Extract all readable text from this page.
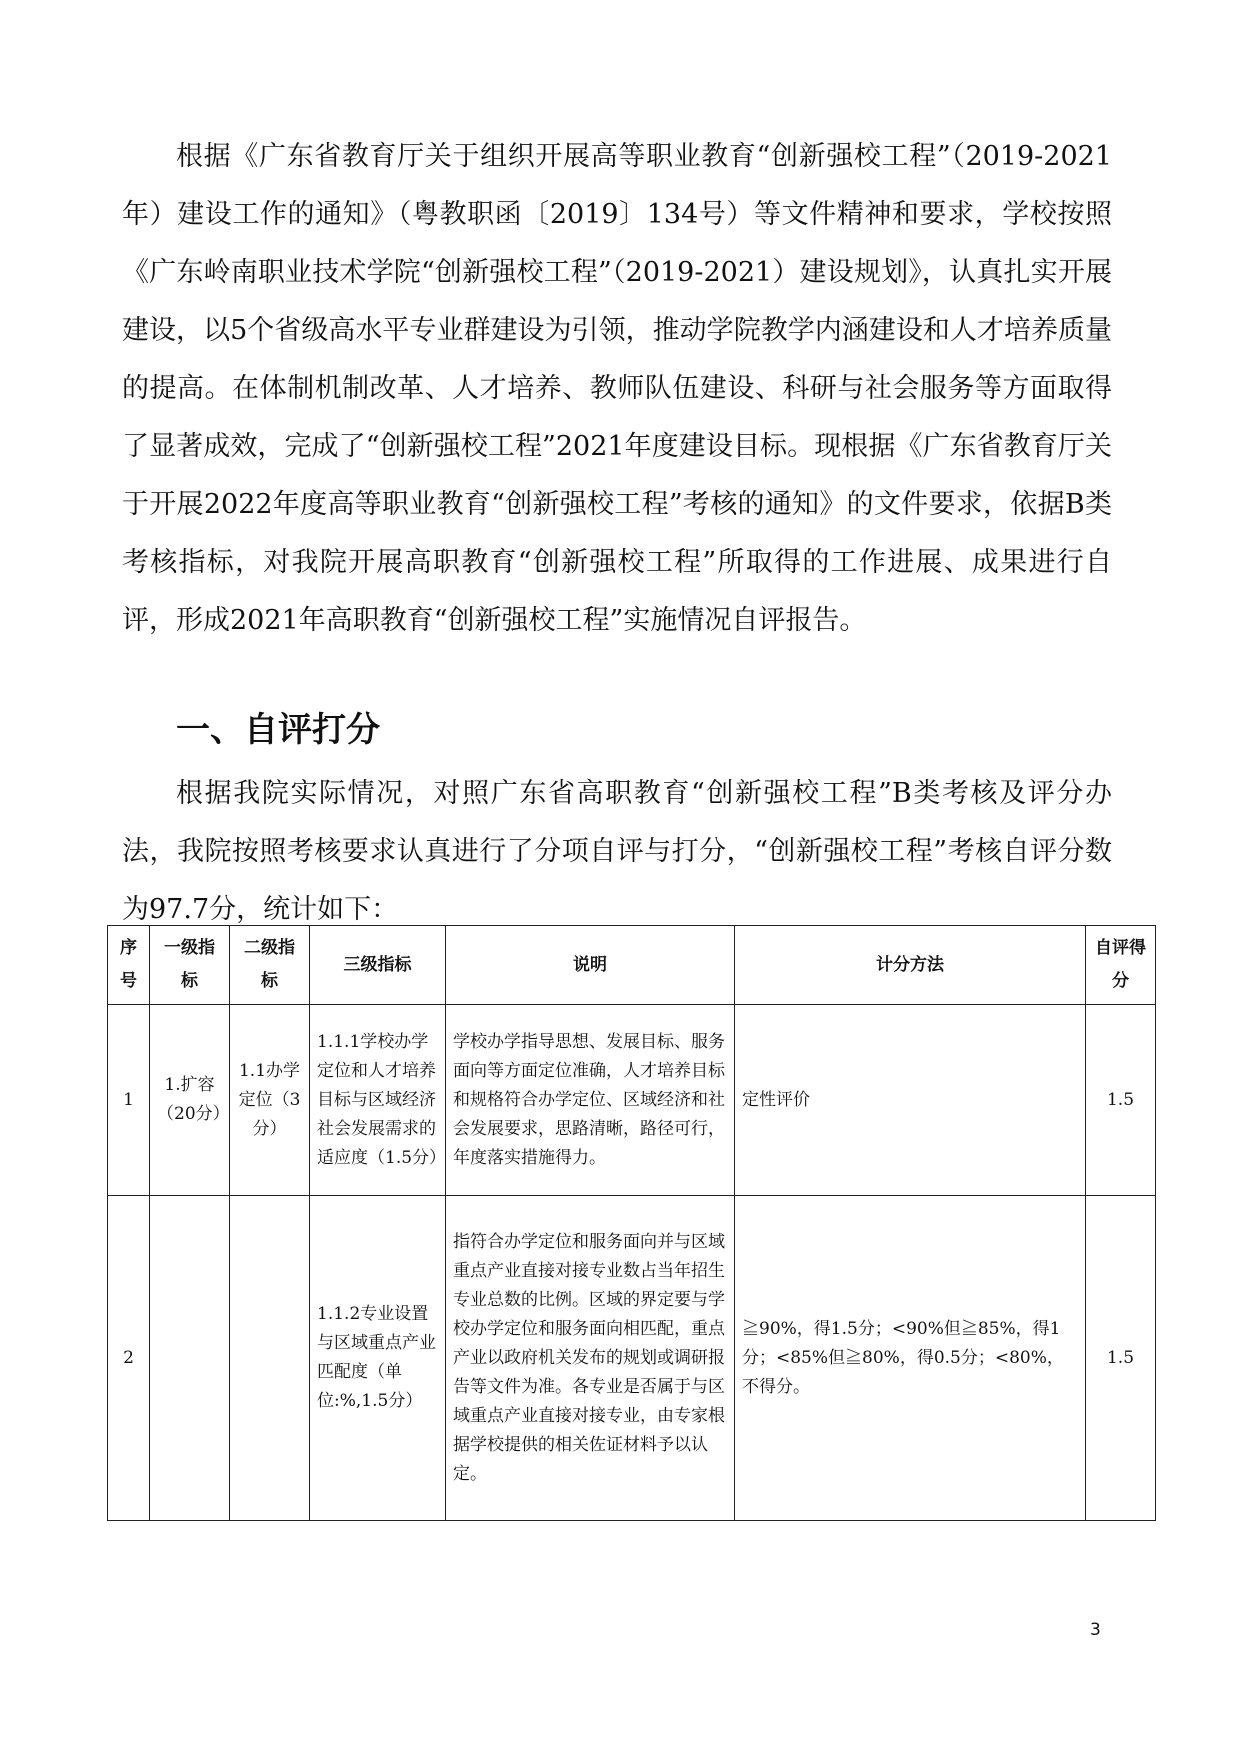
根据《广东省教育厅关于组织开展高等职业教育“创新强校工程”（2019-2021年）建设工作的通知》（粤教职函〔2019〕134号）等文件精神和要求，学校按照《广东岭南职业技术学院“创新强校工程”（2019-2021）建设规划》，认真扎实开展建设，以5个省级高水平专业群建设为引领，推动学院教学内涵建设和人才培养质量的提高。在体制机制改革、人才培养、教师队伍建设、科研与社会服务等方面取得了显著成效，完成了“创新强校工程”2021年度建设目标。现根据《广东省教育厅关于开展2022年度高等职业教育“创新强校工程”考核的通知》的文件要求，依据B类考核指标，对我院开展高职教育“创新强校工程”所取得的工作进展、成果进行自评，形成2021年高职教育“创新强校工程”实施情况自评报告。

一、自评打分

根据我院实际情况，对照广东省高职教育“创新强校工程”B类考核及评分办法，我院按照考核要求认真进行了分项自评与打分，“创新强校工程”考核自评分数为97.7分，统计如下：

序号	一级指标	二级指标	三级指标	说明	计分方法	自评得分
1	1.扩容（20分）	1.1办学定位（3分）	1.1.1学校办学定位和人才培养目标与区域经济社会发展需求的适应度（1.5分）	学校办学指导思想、发展目标、服务面向等方面定位准确，人才培养目标和规格符合办学定位、区域经济和社会发展要求，思路清晰，路径可行，年度落实措施得力。	定性评价	1.5
2			1.1.2专业设置与区域重点产业匹配度（单位:%,1.5分）	指符合办学定位和服务面向并与区域重点产业直接对接专业数占当年招生专业总数的比例。区域的界定要与学校办学定位和服务面向相匹配，重点产业以政府机关发布的规划或调研报告等文件为准。各专业是否属于与区域重点产业直接对接专业，由专家根据学校提供的相关佐证材料予以认定。	≧90%，得1.5分；<90%但≧85%，得1分；<85%但≧80%，得0.5分；<80%，不得分。	1.5
3
